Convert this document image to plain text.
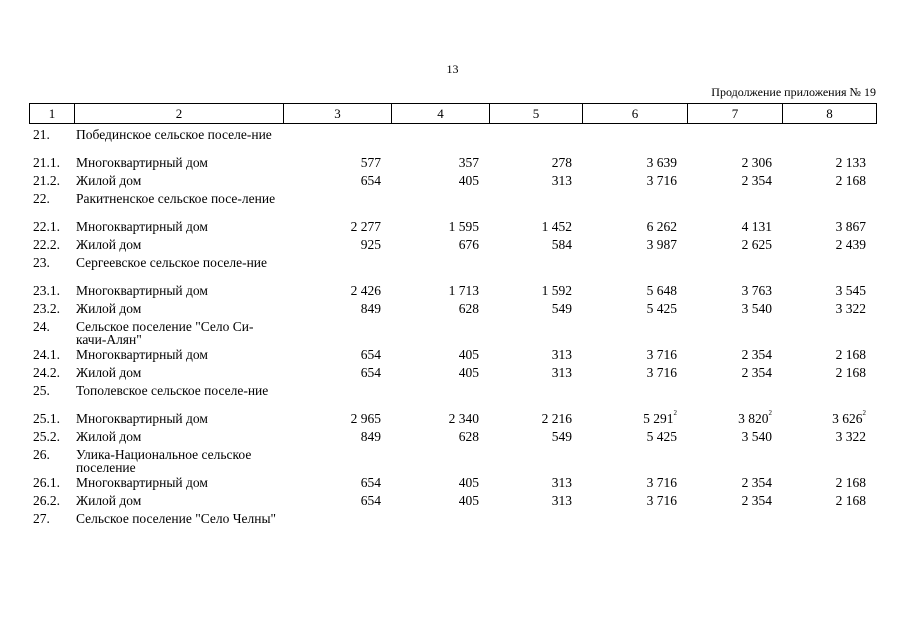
13
Продолжение приложения № 19
1	2	3	4	5	6	7	8
21.	Побединское сельское поселе-ние						
21.1.	Многоквартирный дом	577	357	278	3 639	2 306	2 133
21.2.	Жилой дом	654	405	313	3 716	2 354	2 168
22.	Ракитненское сельское посе-ление						
22.1.	Многоквартирный дом	2 277	1 595	1 452	6 262	4 131	3 867
22.2.	Жилой дом	925	676	584	3 987	2 625	2 439
23.	Сергеевское сельское поселе-ние						
23.1.	Многоквартирный дом	2 426	1 713	1 592	5 648	3 763	3 545
23.2.	Жилой дом	849	628	549	5 425	3 540	3 322
24.	Сельское поселение "Село Си-качи-Алян"						
24.1.	Многоквартирный дом	654	405	313	3 716	2 354	2 168
24.2.	Жилой дом	654	405	313	3 716	2 354	2 168
25.	Тополевское сельское поселе-ние						
25.1.	Многоквартирный дом	2 965	2 340	2 216	5 $291^2$	3 $820^2$	3 $626^2$
25.2.	Жилой дом	849	628	549	5 425	3 540	3 322
26.	Улика-Национальное сельское поселение						
26.1.	Многоквартирный дом	654	405	313	3 716	2 354	2 168
26.2.	Жилой дом	654	405	313	3 716	2 354	2 168
27.	Сельское поселение "Село Челны"						
